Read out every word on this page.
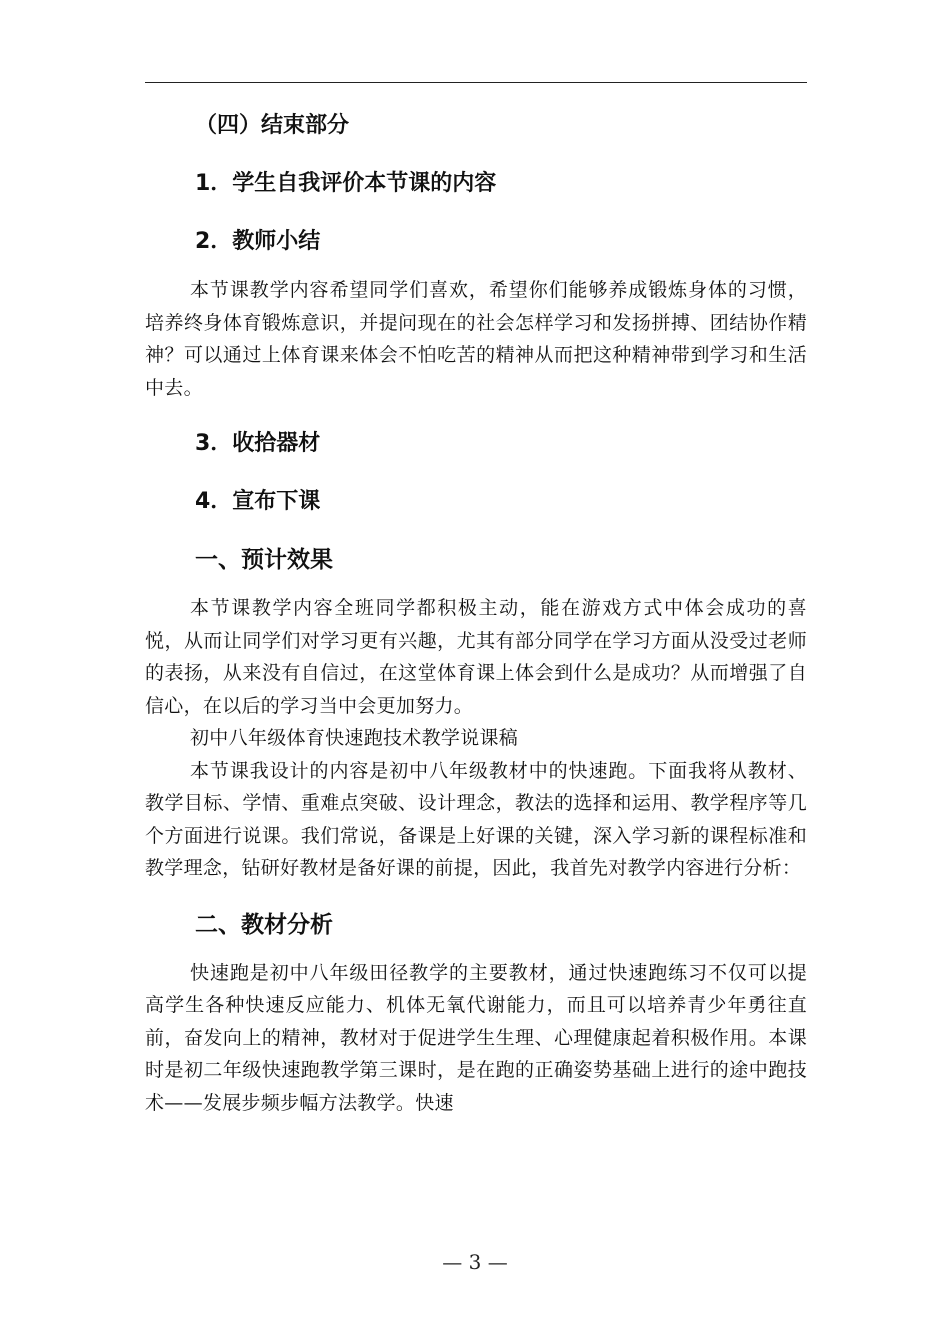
（四）结束部分

1．学生自我评价本节课的内容

2．教师小结

本节课教学内容希望同学们喜欢，希望你们能够养成锻炼身体的习惯，培养终身体育锻炼意识，并提问现在的社会怎样学习和发扬拼搏、团结协作精神？可以通过上体育课来体会不怕吃苦的精神从而把这种精神带到学习和生活中去。

3．收拾器材

4．宣布下课

一、预计效果

本节课教学内容全班同学都积极主动，能在游戏方式中体会成功的喜悦，从而让同学们对学习更有兴趣，尤其有部分同学在学习方面从没受过老师的表扬，从来没有自信过，在这堂体育课上体会到什么是成功？从而增强了自信心，在以后的学习当中会更加努力。

初中八年级体育快速跑技术教学说课稿

本节课我设计的内容是初中八年级教材中的快速跑。下面我将从教材、教学目标、学情、重难点突破、设计理念，教法的选择和运用、教学程序等几个方面进行说课。我们常说，备课是上好课的关键，深入学习新的课程标准和教学理念，钻研好教材是备好课的前提，因此，我首先对教学内容进行分析：

二、教材分析

快速跑是初中八年级田径教学的主要教材，通过快速跑练习不仅可以提高学生各种快速反应能力、机体无氧代谢能力，而且可以培养青少年勇往直前，奋发向上的精神，教材对于促进学生生理、心理健康起着积极作用。本课时是初二年级快速跑教学第三课时，是在跑的正确姿势基础上进行的途中跑技术——发展步频步幅方法教学。快速

— 3 —
